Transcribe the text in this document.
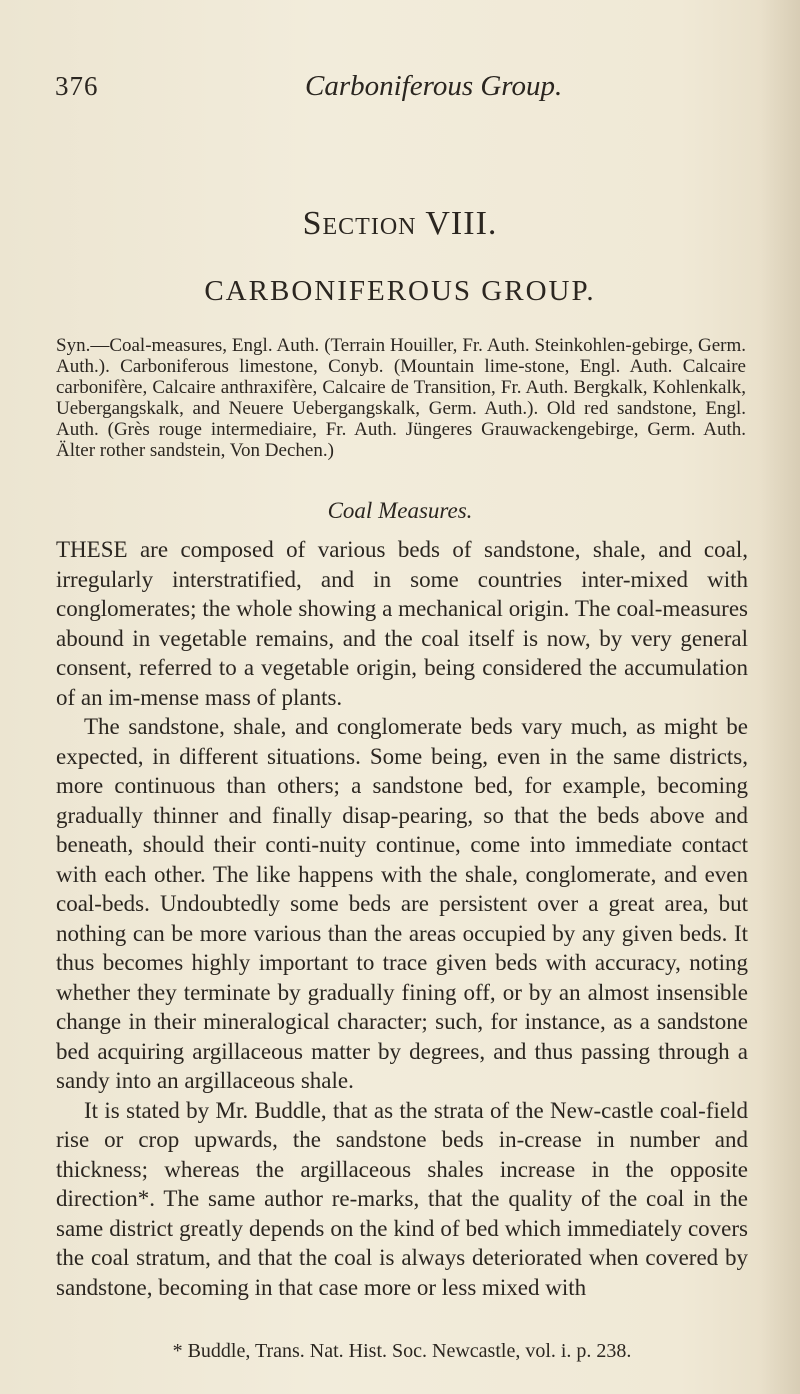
376	Carboniferous Group.
Section VIII.
CARBONIFEROUS GROUP.

Syn.—Coal-measures, Engl. Auth. (Terrain Houiller, Fr. Auth. Steinkohlen-gebirge, Germ. Auth.). Carboniferous limestone, Conyb. (Mountain lime-stone, Engl. Auth. Calcaire carbonifère, Calcaire anthraxifère, Calcaire de Transition, Fr. Auth. Bergkalk, Kohlenkalk, Uebergangskalk, and Neuere Uebergangskalk, Germ. Auth.). Old red sandstone, Engl. Auth. (Grès rouge intermediaire, Fr. Auth. Jüngeres Grauwackengebirge, Germ. Auth. Älter rother sandstein, Von Dechen.)

Coal Measures.

THESE are composed of various beds of sandstone, shale, and coal, irregularly interstratified, and in some countries inter-mixed with conglomerates; the whole showing a mechanical origin. The coal-measures abound in vegetable remains, and the coal itself is now, by very general consent, referred to a vegetable origin, being considered the accumulation of an im-mense mass of plants.

The sandstone, shale, and conglomerate beds vary much, as might be expected, in different situations. Some being, even in the same districts, more continuous than others; a sandstone bed, for example, becoming gradually thinner and finally disap-pearing, so that the beds above and beneath, should their conti-nuity continue, come into immediate contact with each other. The like happens with the shale, conglomerate, and even coal-beds. Undoubtedly some beds are persistent over a great area, but nothing can be more various than the areas occupied by any given beds. It thus becomes highly important to trace given beds with accuracy, noting whether they terminate by gradually fining off, or by an almost insensible change in their mineralogical character; such, for instance, as a sandstone bed acquiring argillaceous matter by degrees, and thus passing through a sandy into an argillaceous shale.

It is stated by Mr. Buddle, that as the strata of the New-castle coal-field rise or crop upwards, the sandstone beds in-crease in number and thickness; whereas the argillaceous shales increase in the opposite direction*. The same author re-marks, that the quality of the coal in the same district greatly depends on the kind of bed which immediately covers the coal stratum, and that the coal is always deteriorated when covered by sandstone, becoming in that case more or less mixed with

* Buddle, Trans. Nat. Hist. Soc. Newcastle, vol. i. p. 238.
